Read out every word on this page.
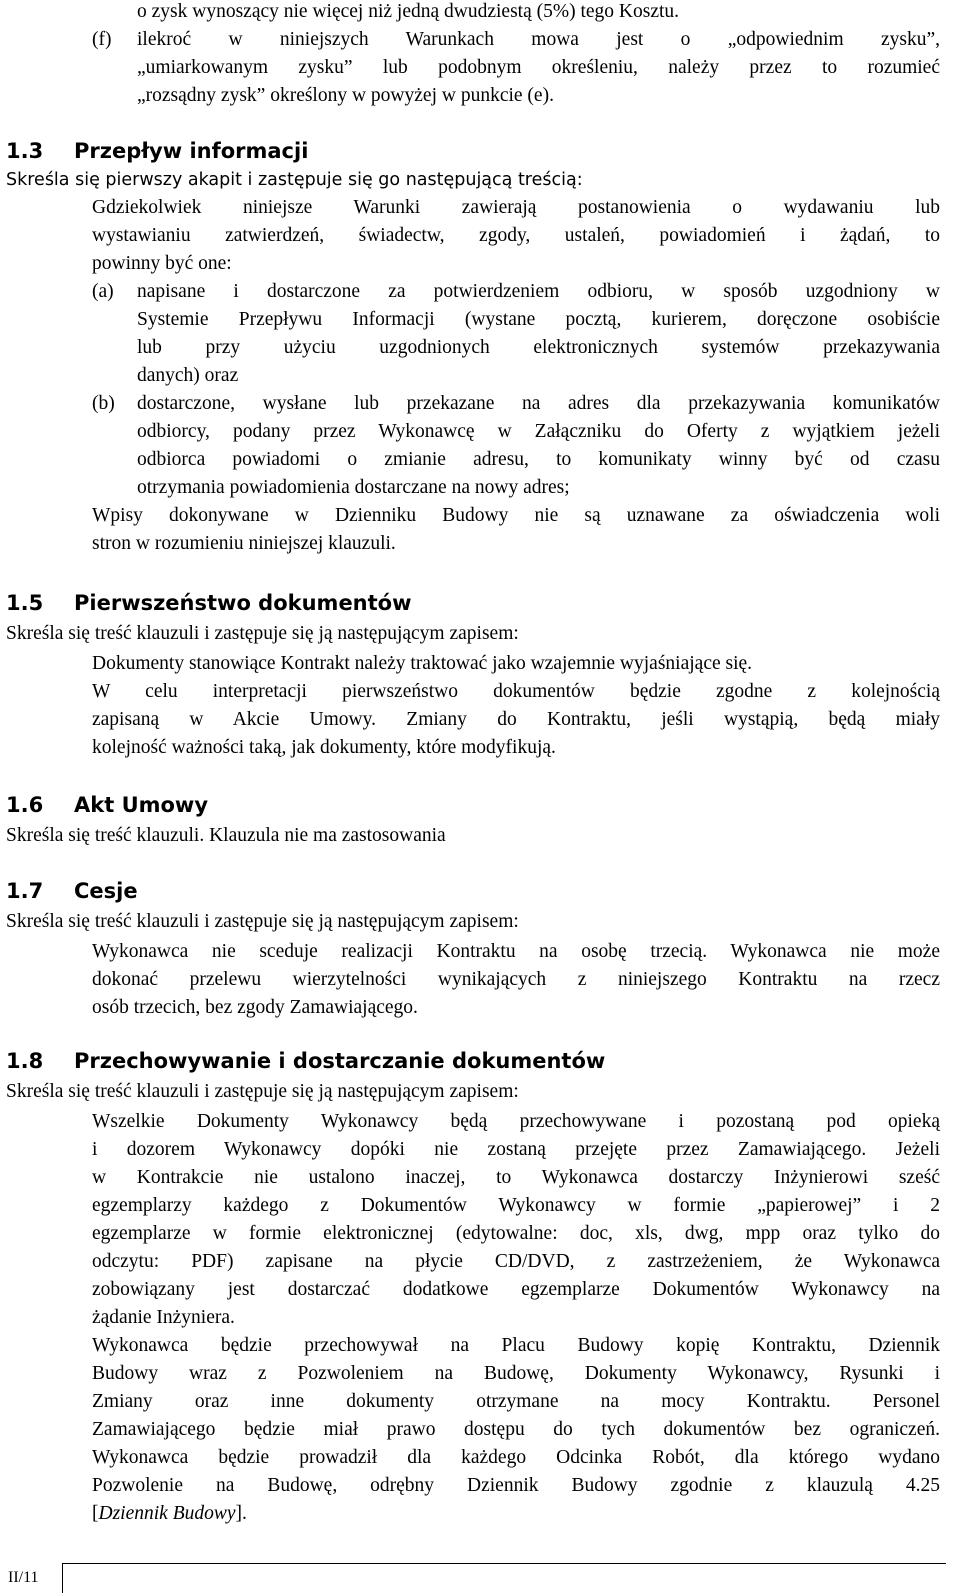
o zysk wynoszący nie więcej niż jedną dwudziestą (5%) tego Kosztu.
(f) ilekroć w niniejszych Warunkach mowa jest o „odpowiednim zysku”,
„umiarkowanym zysku” lub podobnym określeniu, należy przez to rozumieć
„rozsądny zysk” określony w powyżej w punkcie (e).
1.3 Przepływ informacji
Skreśla się pierwszy akapit i zastępuje się go następującą treścią:
Gdziekolwiek niniejsze Warunki zawierają postanowienia o wydawaniu lub
wystawianiu zatwierdzeń, świadectw, zgody, ustaleń, powiadomień i żądań, to
powinny być one:
(a) napisane i dostarczone za potwierdzeniem odbioru, w sposób uzgodniony w
Systemie Przepływu Informacji (wystane pocztą, kurierem, doręczone osobiście
lub przy użyciu uzgodnionych elektronicznych systemów przekazywania
danych) oraz
(b) dostarczone, wysłane lub przekazane na adres dla przekazywania komunikatów
odbiorcy, podany przez Wykonawcę w Załączniku do Oferty z wyjątkiem jeżeli
odbiorca powiadomi o zmianie adresu, to komunikaty winny być od czasu
otrzymania powiadomienia dostarczane na nowy adres;
Wpisy dokonywane w Dzienniku Budowy nie są uznawane za oświadczenia woli
stron w rozumieniu niniejszej klauzuli.
1.5 Pierwszeństwo dokumentów
Skreśla się treść klauzuli i zastępuje się ją następującym zapisem:
Dokumenty stanowiące Kontrakt należy traktować jako wzajemnie wyjaśniające się.
W celu interpretacji pierwszeństwo dokumentów będzie zgodne z kolejnością
zapisaną w Akcie Umowy. Zmiany do Kontraktu, jeśli wystąpią, będą miały
kolejność ważności taką, jak dokumenty, które modyfikują.
1.6 Akt Umowy
Skreśla się treść klauzuli. Klauzula nie ma zastosowania
1.7 Cesje
Skreśla się treść klauzuli i zastępuje się ją następującym zapisem:
Wykonawca nie sceduje realizacji Kontraktu na osobę trzecią. Wykonawca nie może
dokonać przelewu wierzytelności wynikających z niniejszego Kontraktu na rzecz
osób trzecich, bez zgody Zamawiającego.
1.8 Przechowywanie i dostarczanie dokumentów
Skreśla się treść klauzuli i zastępuje się ją następującym zapisem:
Wszelkie Dokumenty Wykonawcy będą przechowywane i pozostaną pod opieką
i dozorem Wykonawcy dopóki nie zostaną przejęte przez Zamawiającego. Jeżeli
w Kontrakcie nie ustalono inaczej, to Wykonawca dostarczy Inżynierowi sześć
egzemplarzy każdego z Dokumentów Wykonawcy w formie „papierowej” i 2
egzemplarze w formie elektronicznej (edytowalne: doc, xls, dwg, mpp oraz tylko do
odczytu: PDF) zapisane na płycie CD/DVD, z zastrzeżeniem, że Wykonawca
zobowiązany jest dostarczać dodatkowe egzemplarze Dokumentów Wykonawcy na
żądanie Inżyniera.
Wykonawca będzie przechowywał na Placu Budowy kopię Kontraktu, Dziennik
Budowy wraz z Pozwoleniem na Budowę, Dokumenty Wykonawcy, Rysunki i
Zmiany oraz inne dokumenty otrzymane na mocy Kontraktu. Personel
Zamawiającego będzie miał prawo dostępu do tych dokumentów bez ograniczeń.
Wykonawca będzie prowadził dla każdego Odcinka Robót, dla którego wydano
Pozwolenie na Budowę, odrębny Dziennik Budowy zgodnie z klauzulą 4.25
[Dziennik Budowy].
II/11
